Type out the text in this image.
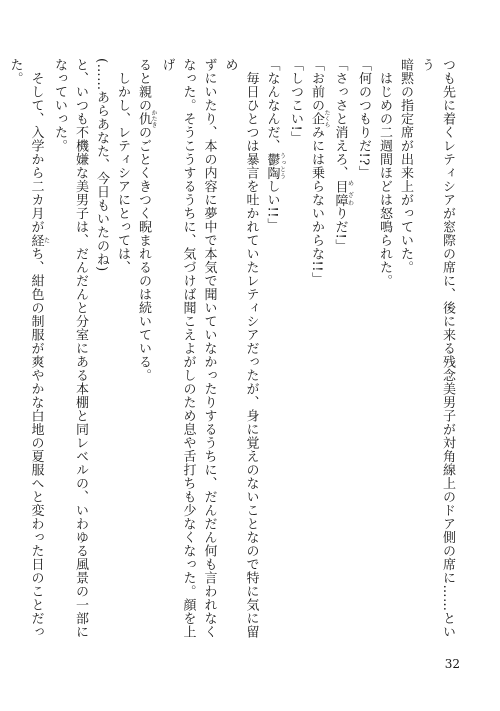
つも先に着くレティシアが窓際の席に、後に来る残念美男子が対角線上のドア側の席に……という

暗黙の指定席が出来上がっていた。

　はじめの二週間ほどは怒鳴られた。

「何のつもりだ!?」

「さっさと消えろ、目障 め ざわりだ!」

「お前の企 たくらみには乗らないからな!!」

「しつこい!」

「なんなんだ、鬱陶 うっとうしい!!」

　毎日ひとつは暴言を吐かれていたレティシアだったが、身に覚えのないことなので特に気に留め

ずにいたり、本の内容に夢中で本気で聞いていなかったりするうちに、だんだん何も言われなく

なった。そうこうするうちに、気づけば聞こえよがしのため息や舌打ちも少なくなった。顔を上げ

ると親の仇 かたきのごとくきつく睨まれるのは続いている。

　しかし、レティシアにとっては、

(……あらあなた、今日もいたのね)

と、いつも不機嫌な美男子は、だんだんと分室にある本棚と同レベルの、いわゆる風景の一部に

なっていった。

　そして、入学から二カ月が経 たち、紺色の制服が爽やかな白地の夏服へと変わった日のことだった。

32
